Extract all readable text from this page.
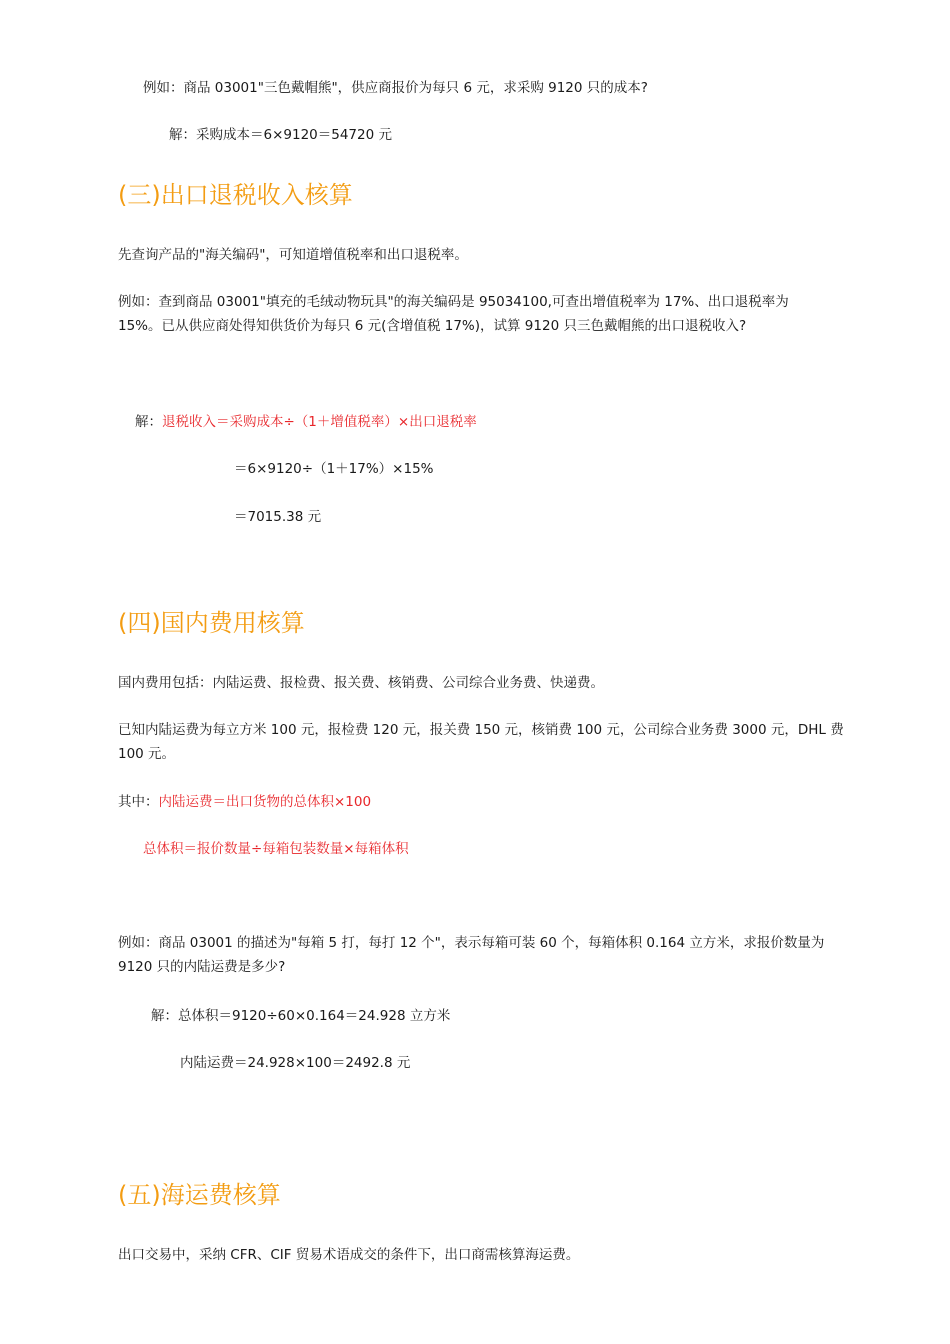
例如：商品 03001"三色戴帽熊"，供应商报价为每只 6 元，求采购 9120 只的成本?
解：采购成本＝6×9120＝54720 元
(三)出口退税收入核算
先查询产品的"海关编码"，可知道增值税率和出口退税率。
例如：查到商品 03001"填充的毛绒动物玩具"的海关编码是 95034100,可查出增值税率为 17%、出口退税率为 15%。已从供应商处得知供货价为每只 6 元(含增值税 17%)，试算 9120 只三色戴帽熊的出口退税收入?
解：退税收入＝采购成本÷（1＋增值税率）×出口退税率
＝6×9120÷（1＋17%）×15%
＝7015.38 元
(四)国内费用核算
国内费用包括：内陆运费、报检费、报关费、核销费、公司综合业务费、快递费。
已知内陆运费为每立方米 100 元，报检费 120 元，报关费 150 元，核销费 100 元，公司综合业务费 3000 元，DHL 费 100 元。
其中：内陆运费＝出口货物的总体积×100
总体积＝报价数量÷每箱包装数量×每箱体积
例如：商品 03001 的描述为"每箱 5 打，每打 12 个"，表示每箱可装 60 个，每箱体积 0.164 立方米，求报价数量为 9120 只的内陆运费是多少?
解：总体积＝9120÷60×0.164＝24.928 立方米
内陆运费＝24.928×100＝2492.8 元
(五)海运费核算
出口交易中，采纳 CFR、CIF 贸易术语成交的条件下，出口商需核算海运费。
